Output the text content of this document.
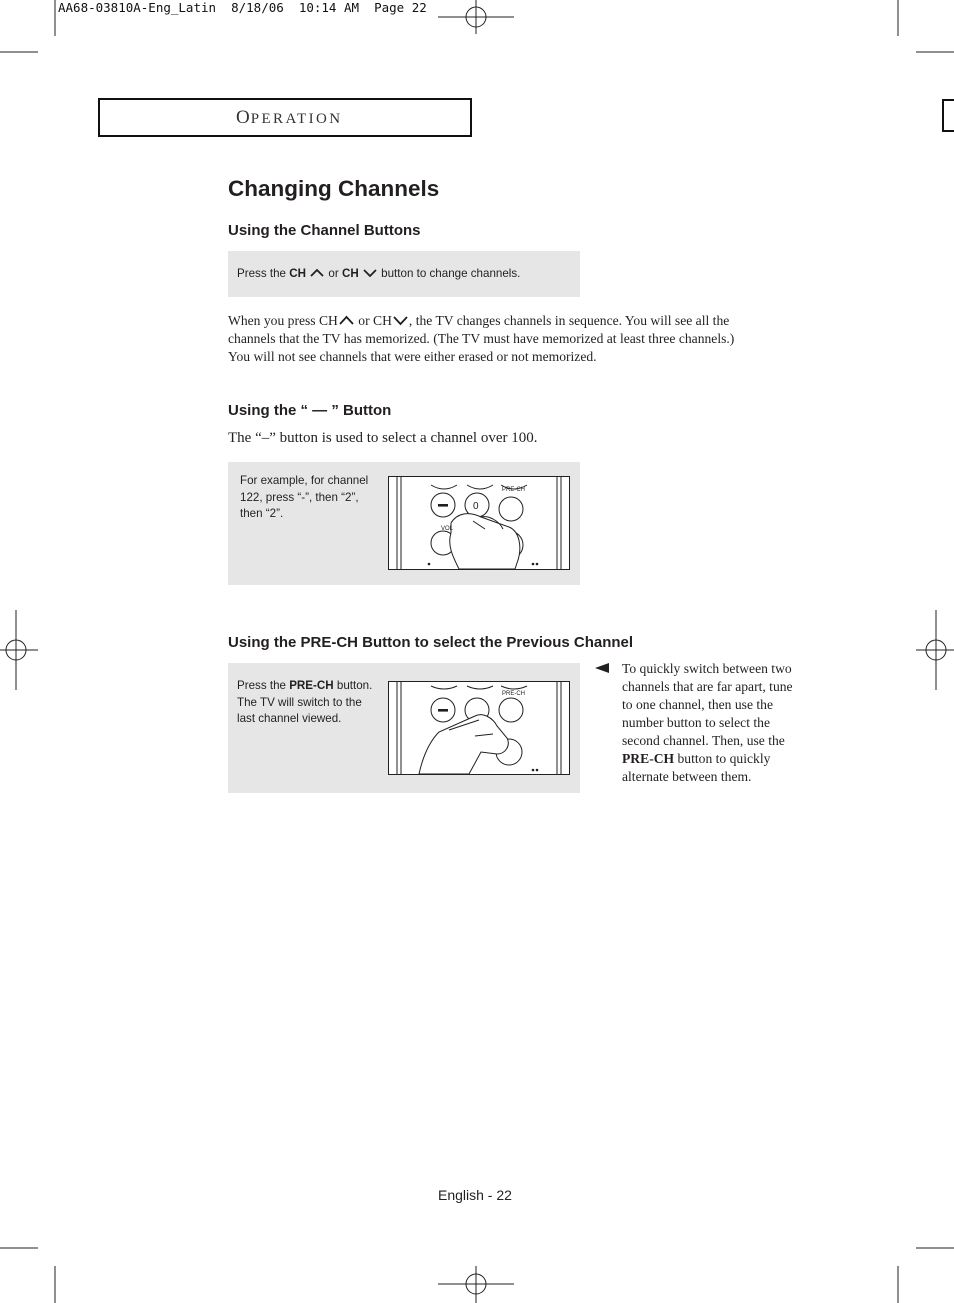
AA68-03810A-Eng_Latin  8/18/06  10:14 AM  Page 22
OPERATION
Changing Channels
Using the Channel Buttons
Press the CH  or CH  button to change channels.
When you press CH or CH , the TV changes channels in sequence. You will see all the
channels that the TV has memorized. (The TV must have memorized at least three channels.)
You will not see channels that were either erased or not memorized.
Using the “ — ” Button
The “–” button is used to select a channel over 100.
For example, for channel
122, press “-”, then “2”,
then “2”.
0
PRE-CH
VOL
Using the PRE-CH Button to select the Previous Channel
Press the PRE-CH button.
The TV will switch to the
last channel viewed.
PRE-CH
To quickly switch between two
channels that are far apart, tune
to one channel, then use the
number button to select the
second channel. Then, use the
PRE-CH button to quickly
alternate between them.
English - 22
